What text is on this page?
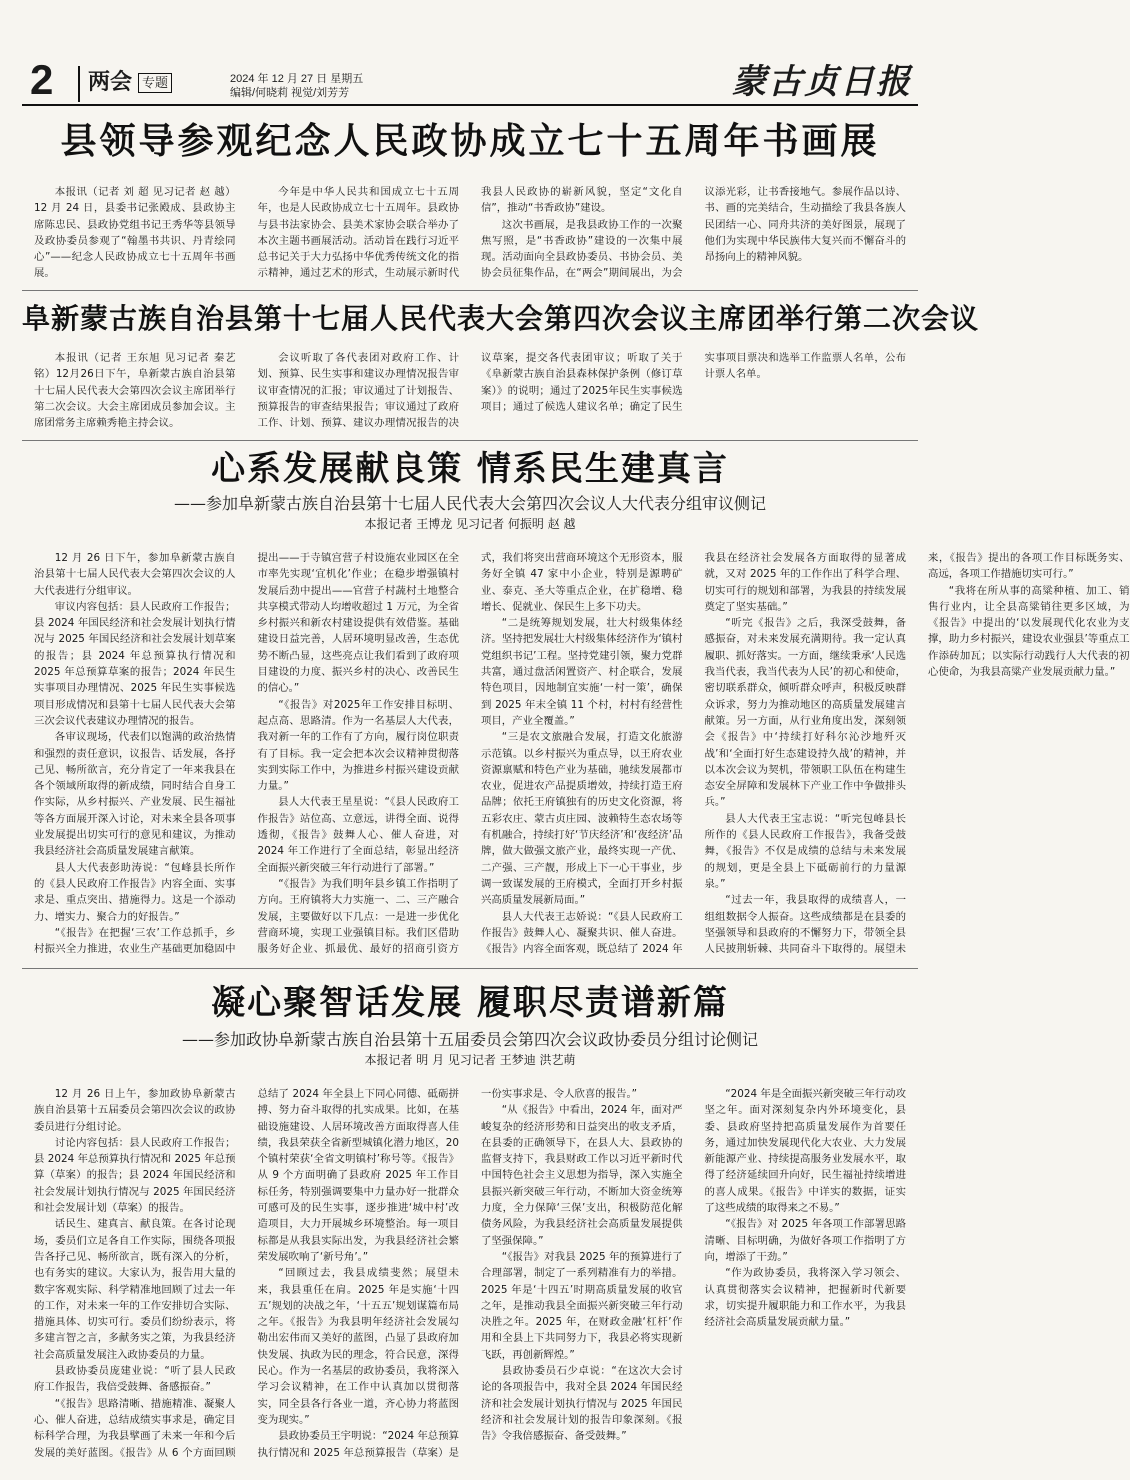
2 两会 专题	2024 年 12 月 27 日 星期五
编辑/何晓莉 视觉/刘芳芳	蒙古贞日报
县领导参观纪念人民政协成立七十五周年书画展

本报讯（记者 刘 超 见习记者 赵 越）12 月 24 日，县委书记张殿成、县政协主席陈忠民、县政协党组书记王秀华等县领导及政协委员参观了“翰墨书共识、丹青绘同心”——纪念人民政协成立七十五周年书画展。

今年是中华人民共和国成立七十五周年，也是人民政协成立七十五周年。县政协与县书法家协会、县美术家协会联合举办了本次主题书画展活动。活动旨在践行习近平总书记关于大力弘扬中华优秀传统文化的指示精神，通过艺术的形式，生动展示新时代我县人民政协的崭新风貌，坚定“文化自信”，推动“书香政协”建设。

这次书画展，是我县政协工作的一次聚焦写照，是“书香政协”建设的一次集中展现。活动面向全县政协委员、书协会员、美协会员征集作品，在“两会”期间展出，为会议添光彩，让书香接地气。参展作品以诗、书、画的完美结合，生动描绘了我县各族人民团结一心、同舟共济的美好图景，展现了他们为实现中华民族伟大复兴而不懈奋斗的昂扬向上的精神风貌。

阜新蒙古族自治县第十七届人民代表大会第四次会议主席团举行第二次会议

本报讯（记者 王东旭 见习记者 秦艺铭）12月26日下午，阜新蒙古族自治县第十七届人民代表大会第四次会议主席团举行第二次会议。大会主席团成员参加会议。主席团常务主席赖秀艳主持会议。

会议听取了各代表团对政府工作、计划、预算、民生实事和建议办理情况报告审议审查情况的汇报；审议通过了计划报告、预算报告的审查结果报告；审议通过了政府工作、计划、预算、建议办理情况报告的决议草案，提交各代表团审议；听取了关于《阜新蒙古族自治县森林保护条例（修订草案）》的说明；通过了2025年民生实事候选项目；通过了候选人建议名单；确定了民生实事项目票决和选举工作监票人名单，公布计票人名单。

心系发展献良策 情系民生建真言
——参加阜新蒙古族自治县第十七届人民代表大会第四次会议人大代表分组审议侧记
本报记者 王博龙 见习记者 何振明 赵 越

12 月 26 日下午，参加阜新蒙古族自治县第十七届人民代表大会第四次会议的人大代表进行分组审议。

审议内容包括：县人民政府工作报告；县 2024 年国民经济和社会发展计划执行情况与 2025 年国民经济和社会发展计划草案的报告；县 2024 年总预算执行情况和 2025 年总预算草案的报告；2024 年民生实事项目办理情况、2025 年民生实事候选项目形成情况和县第十七届人民代表大会第三次会议代表建议办理情况的报告。

各审议现场，代表们以饱满的政治热情和强烈的责任意识，议报告、话发展，各抒己见、畅所欲言，充分肯定了一年来我县在各个领域所取得的新成绩，同时结合自身工作实际，从乡村振兴、产业发展、民生福祉等各方面展开深入讨论，对未来全县各项事业发展提出切实可行的意见和建议，为推动我县经济社会高质量发展建言献策。

县人大代表彭助涛说：“包峰县长所作的《县人民政府工作报告》内容全面、实事求是、重点突出、措施得力。这是一个添动力、增实力、聚合力的好报告。”

“《报告》在把握‘三农’工作总抓手，乡村振兴全力推进，农业生产基础更加稳固中提出——于寺镇宫营子村设施农业园区在全市率先实现‘宜机化’作业；在稳步增强镇村发展后劲中提出——官营子村蔬村土地整合共享模式带动人均增收超过 1 万元，为全省乡村振兴和新农村建设提供有效借鉴。基础建设日益完善，人居环境明显改善，生态优势不断凸显，这些亮点让我们看到了政府项目建设的力度、振兴乡村的决心、改善民生的信心。”

“《报告》对2025年工作安排目标明、起点高、思路清。作为一名基层人大代表，我对新一年的工作有了方向，履行岗位职责有了目标。我一定会把本次会议精神贯彻落实到实际工作中，为推进乡村振兴建设贡献力量。”

县人大代表王星星说：“《县人民政府工作报告》站位高、立意远，讲得全面、说得透彻，《报告》鼓舞人心、催人奋进，对 2024 年工作进行了全面总结，彰显出经济全面振兴新突破三年行动进行了部署。”

“《报告》为我们明年县乡镇工作指明了方向。王府镇将大力实施一、二、三产融合发展，主要做好以下几点：一是进一步优化营商环境，实现工业强镇目标。我们区借助服务好企业、抓最优、最好的招商引资方式，我们将突出营商环境这个无形资本，服务好全镇 47 家中小企业，特别是源聘矿业、泰克、圣大等重点企业，在扩稳增、稳增长、促就业、保民生上多下功夫。

“二是统筹规划发展，壮大村级集体经济。坚持把发展壮大村级集体经济作为‘镇村党组织书记’工程。坚持党建引领，聚力党群共富，通过盘活闲置资产、村企联合，发展特色项目，因地制宜实施‘一村一策’，确保到 2025 年末全镇 11 个村，村村有经营性项目，产业全覆盖。”

“三是农文旅融合发展，打造文化旅游示范镇。以乡村振兴为重点导，以王府农业资源禀赋和特色产业为基础，驰续发展都市农业，促进农产品提质增效，持续打造王府品牌；依托王府镇独有的历史文化资源，将五彩农庄、蒙古贞庄园、波赖特生态农场等有机融合，持续打好‘节庆经济’和‘夜经济’品牌，做大做强文旅产业，最终实现一产优、二产强、三产靓，形成上下一心干事业，步调一致谋发展的王府模式，全面打开乡村振兴高质量发展新局面。”

县人大代表王志娇说：“《县人民政府工作报告》鼓舞人心、凝聚共识、催人奋进。《报告》内容全面客观，既总结了 2024 年我县在经济社会发展各方面取得的显著成就，又对 2025 年的工作作出了科学合理、切实可行的规划和部署，为我县的持续发展奠定了坚实基础。”

“听完《报告》之后，我深受鼓舞，备感振奋，对未来发展充满期待。我一定认真履职、抓好落实。一方面，继续秉承‘人民选我当代表，我当代表为人民’的初心和使命，密切联系群众，倾听群众呼声，积极反映群众诉求，努力为推动地区的高质量发展建言献策。另一方面，从行业角度出发，深刻领会《报告》中‘持续打好科尔沁沙地歼灭战’和‘全面打好生态建设持久战’的精神，并以本次会议为契机，带领职工队伍在构建生态安全屏障和发展林下产业工作中争做排头兵。”

县人大代表王宝志说：“听完包峰县长所作的《县人民政府工作报告》，我备受鼓舞，《报告》不仅是成绩的总结与未来发展的规划，更是全县上下砥砺前行的力量源泉。”

“过去一年，我县取得的成绩喜人，一组组数据令人振奋。这些成绩都是在县委的坚强领导和县政府的不懈努力下，带领全县人民披荆斩棘、共同奋斗下取得的。展望未来，《报告》提出的各项工作目标既务实、高远，各项工作措施切实可行。”

“我将在所从事的高粱种植、加工、销售行业内，让全县高粱销往更多区域，为《报告》中提出的‘以发展现代化农业为支撑，助力乡村振兴，建设农业强县’等重点工作添砖加瓦；以实际行动践行人大代表的初心使命，为我县高粱产业发展贡献力量。”

凝心聚智话发展 履职尽责谱新篇
——参加政协阜新蒙古族自治县第十五届委员会第四次会议政协委员分组讨论侧记
本报记者 明 月 见习记者 王梦迪 洪艺萌

12 月 26 日上午，参加政协阜新蒙古族自治县第十五届委员会第四次会议的政协委员进行分组讨论。

讨论内容包括：县人民政府工作报告；县 2024 年总预算执行情况和 2025 年总预算（草案）的报告；县 2024 年国民经济和社会发展计划执行情况与 2025 年国民经济和社会发展计划（草案）的报告。

话民生、建真言、献良策。在各讨论现场，委员们立足各自工作实际，围绕各项报告各抒己见、畅所欲言，既有深入的分析，也有务实的建议。大家认为，报告用大量的数字客观实际、科学精准地回顾了过去一年的工作，对未来一年的工作安排切合实际、措施具体、切实可行。委员们纷纷表示，将多建言智之言，多献务实之策，为我县经济社会高质量发展注入政协委员的力量。

县政协委员庞建业说：“听了县人民政府工作报告，我倍受鼓舞、备感振奋。”

“《报告》思路清晰、措施精准、凝聚人心、催人奋进，总结成绩实事求是，确定目标科学合理，为我县擘画了未来一年和今后发展的美好蓝图。《报告》从 6 个方面回顾总结了 2024 年全县上下同心同德、砥砺拼搏、努力奋斗取得的扎实成果。比如，在基础设施建设、人居环境改善方面取得喜人佳绩，我县荣获全省新型城镇化潜力地区，20 个镇村荣获‘全省文明镇村’称号等。《报告》从 9 个方面明确了县政府 2025 年工作目标任务，特别强调要集中力量办好一批群众可感可及的民生实事，逐步推进‘城中村’改造项目，大力开展城乡环境整治。每一项目标都是从我县实际出发，为我县经济社会繁荣发展吹响了‘新号角’。”

“回顾过去，我县成绩斐然；展望未来，我县重任在肩。2025 年是实施‘十四五’规划的决战之年，‘十五五’规划谋篇布局之年。《报告》为我县明年经济社会发展勾勒出宏伟而又美好的蓝图，凸显了县政府加快发展、执政为民的理念，符合民意，深得民心。作为一名基层的政协委员，我将深入学习会议精神，在工作中认真加以贯彻落实，同全县各行各业一道，齐心协力将蓝图变为现实。”

县政协委员王宇明说：“2024 年总预算执行情况和 2025 年总预算报告（草案）是一份实事求是、令人欣喜的报告。”

“从《报告》中看出，2024 年，面对严峻复杂的经济形势和日益突出的收支矛盾，在县委的正确领导下，在县人大、县政协的监督支持下，我县财政工作以习近平新时代中国特色社会主义思想为指导，深入实施全县振兴新突破三年行动，不断加大资金统筹力度，全力保障‘三保’支出，积极防范化解债务风险，为我县经济社会高质量发展提供了坚强保障。”

“《报告》对我县 2025 年的预算进行了合理部署，制定了一系列精准有力的举措。2025 年是‘十四五’时期高质量发展的收官之年，是推动我县全面振兴新突破三年行动决胜之年。2025 年，在财政金融‘杠杆’作用和全县上下共同努力下，我县必将实现新飞跃，再创新辉煌。”

县政协委员石少卓说：“在这次大会讨论的各项报告中，我对全县 2024 年国民经济和社会发展计划执行情况与 2025 年国民经济和社会发展计划的报告印象深刻。《报告》令我倍感振奋、备受鼓舞。”

“2024 年是全面振兴新突破三年行动攻坚之年。面对深刻复杂内外环境变化，县委、县政府坚持把高质量发展作为首要任务，通过加快发展现代化大农业、大力发展新能源产业、持续提高服务业发展水平，取得了经济延续回升向好，民生福祉持续增进的喜人成果。《报告》中详实的数据，证实了这些成绩的取得来之不易。”

“《报告》对 2025 年各项工作部署思路清晰、目标明确，为做好各项工作指明了方向，增添了干劲。”

“作为政协委员，我将深入学习领会、认真贯彻落实会议精神，把握新时代新要求，切实提升履职能力和工作水平，为我县经济社会高质量发展贡献力量。”
